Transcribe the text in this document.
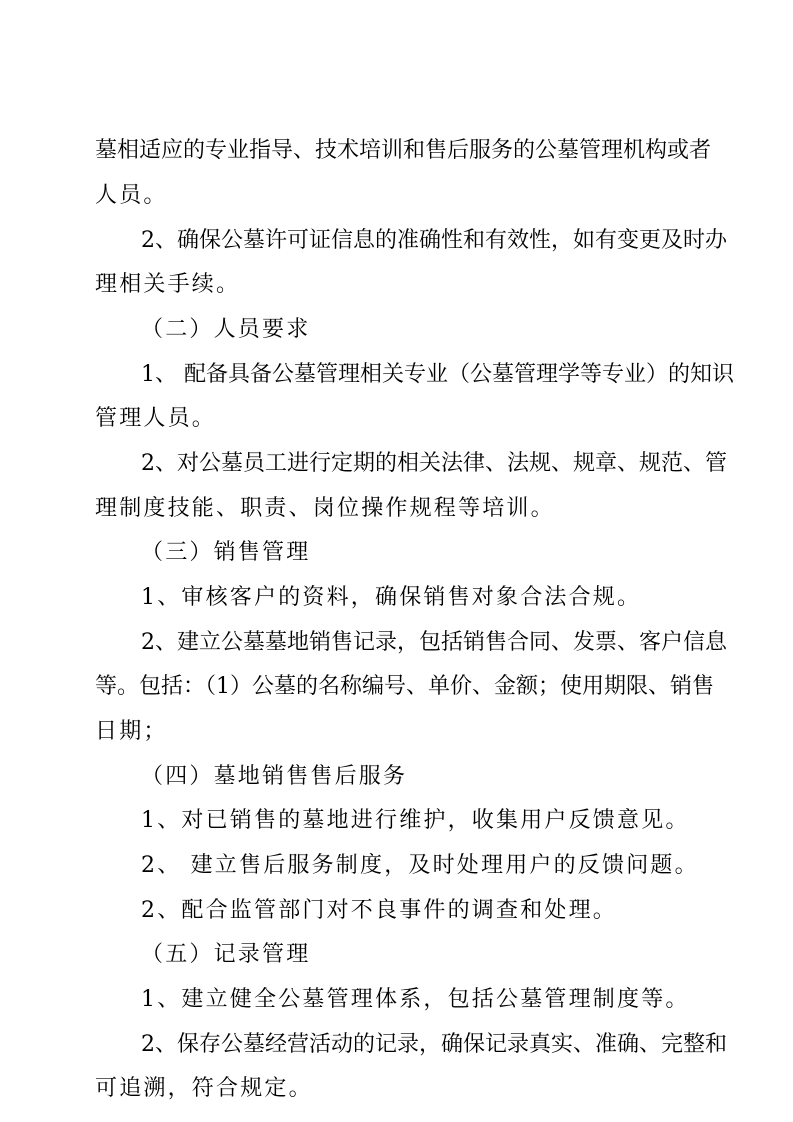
墓相适应的专业指导、技术培训和售后服务的公墓管理机构或者
人员。
2、确保公墓许可证信息的准确性和有效性，如有变更及时办
理相关手续。
（二）人员要求
1、 配备具备公墓管理相关专业（公墓管理学等专业）的知识
管理人员。
2、对公墓员工进行定期的相关法律、法规、规章、规范、管
理制度技能、职责、岗位操作规程等培训。
（三）销售管理
1、审核客户的资料，确保销售对象合法合规。
2、建立公墓墓地销售记录，包括销售合同、发票、客户信息
等。包括：（1）公墓的名称编号、单价、金额；使用期限、销售
日期；
（四）墓地销售售后服务
1、对已销售的墓地进行维护，收集用户反馈意见。
2、 建立售后服务制度，及时处理用户的反馈问题。
2、配合监管部门对不良事件的调查和处理。
（五）记录管理
1、建立健全公墓管理体系，包括公墓管理制度等。
2、保存公墓经营活动的记录，确保记录真实、准确、完整和
可追溯，符合规定。
